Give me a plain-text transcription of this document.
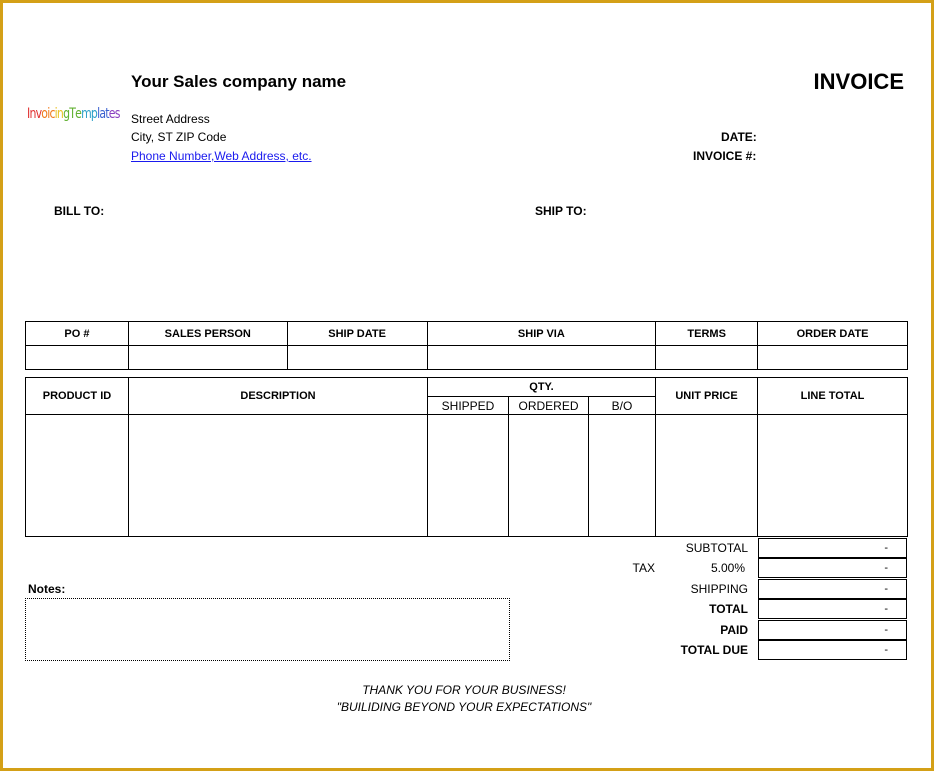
InvoicingTemplates
Your Sales company name
Street Address
City, ST ZIP Code
Phone Number,Web Address, etc.
INVOICE
DATE:
INVOICE #:
BILL TO:	SHIP TO:
PO #	SALES PERSON	SHIP DATE	SHIP VIA	TERMS	ORDER DATE

PRODUCT ID	DESCRIPTION	QTY.			UNIT PRICE	LINE TOTAL
		SHIPPED	ORDERED	B/O		

SUBTOTAL	-
TAX	5.00%	-
SHIPPING	-
TOTAL	-
PAID	-
TOTAL DUE	-
Notes:
THANK YOU FOR YOUR BUSINESS!
"BUILIDING BEYOND YOUR EXPECTATIONS"
